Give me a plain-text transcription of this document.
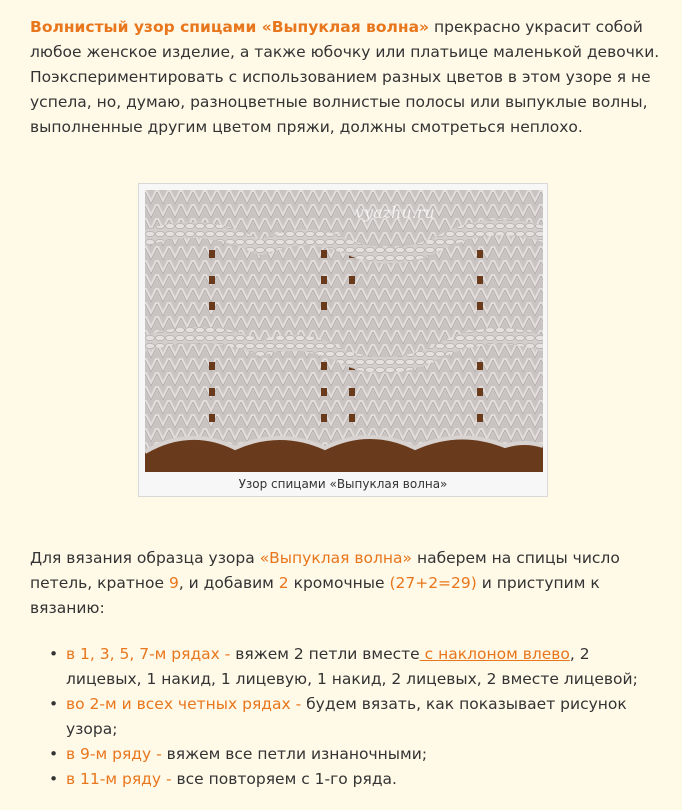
Волнистый узор спицами «Выпуклая волна» прекрасно украсит собой любое женское изделие, а также юбочку или платьице маленькой девочки. Поэкспериментировать с использованием разных цветов в этом узоре я не успела, но, думаю, разноцветные волнистые полосы или выпуклые волны, выполненные другим цветом пряжи, должны смотреться неплохо.

vyazhu.ru
Узор спицами «Выпуклая волна»

Для вязания образца узора «Выпуклая волна» наберем на спицы число петель, кратное 9, и добавим 2 кромочные (27+2=29) и приступим к вязанию:

• в 1, 3, 5, 7-м рядах - вяжем 2 петли вместе с наклоном влево, 2 лицевых, 1 накид, 1 лицевую, 1 накид, 2 лицевых, 2 вместе лицевой;
• во 2-м и всех четных рядах - будем вязать, как показывает рисунок узора;
• в 9-м ряду - вяжем все петли изнаночными;
• в 11-м ряду - все повторяем с 1-го ряда.
